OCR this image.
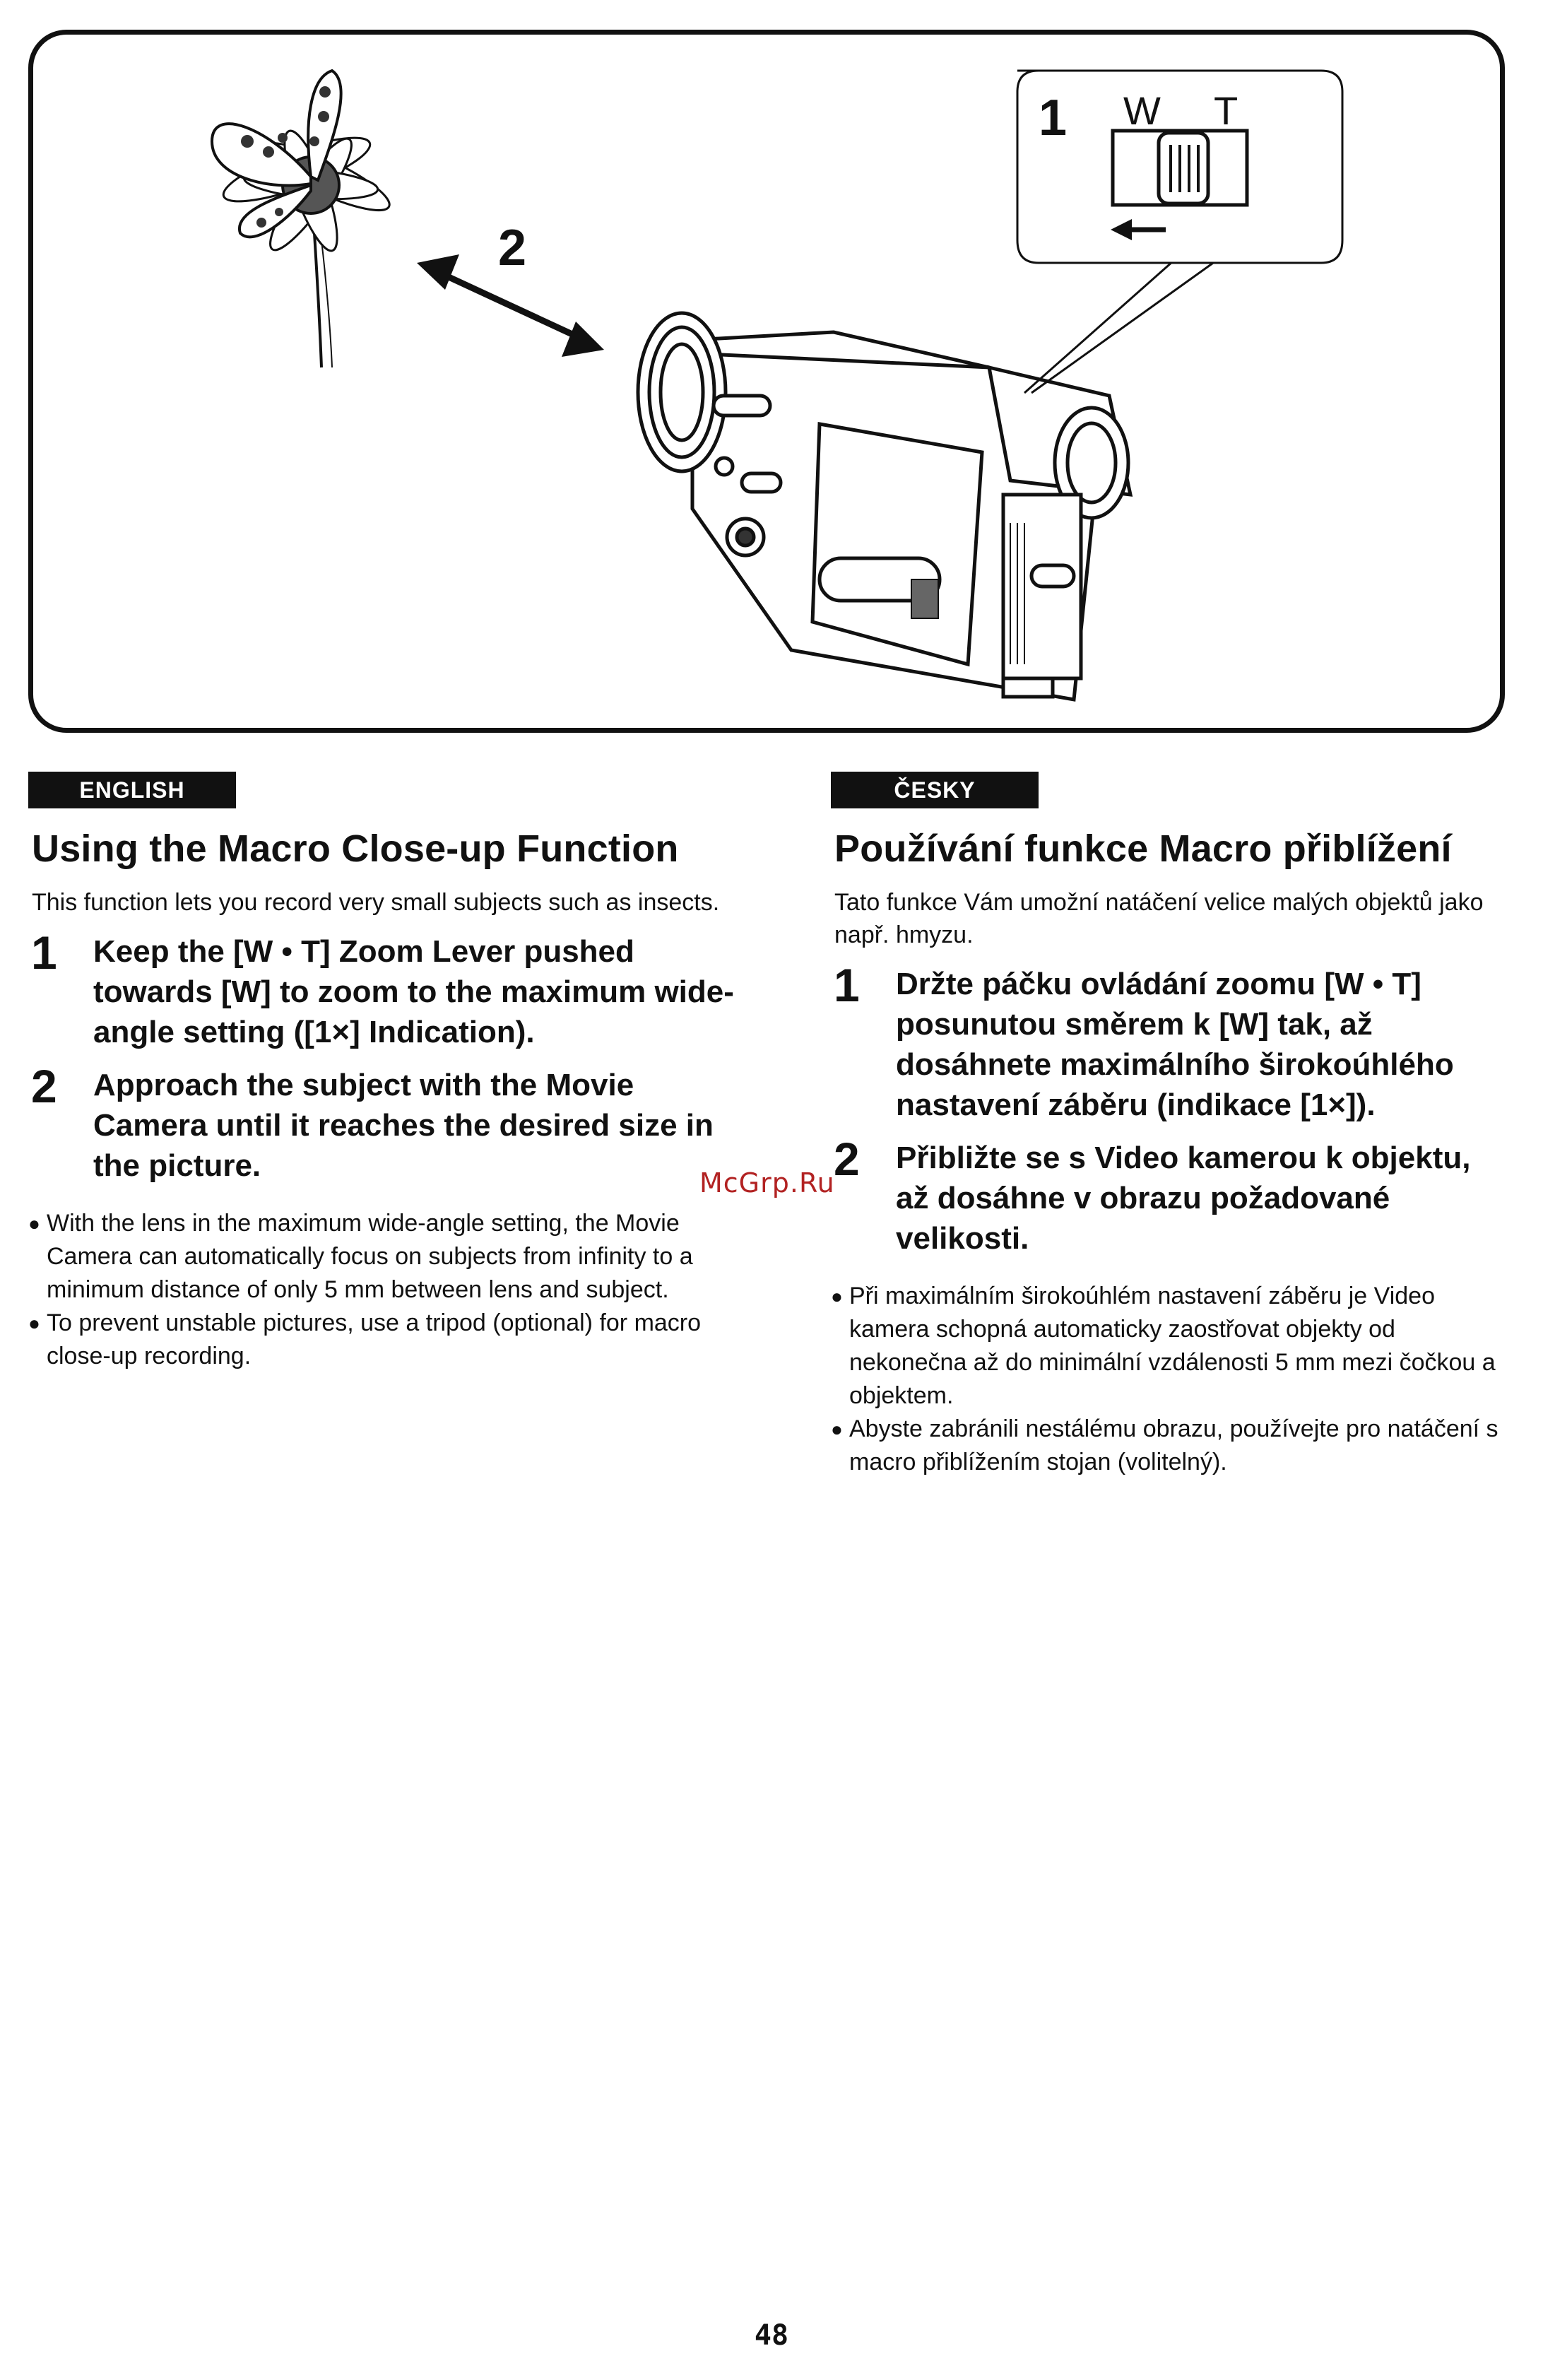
1 W T
2
ENGLISH
Using the Macro Close-up Function
This function lets you record very small subjects such as insects.
1	Keep the [W • T] Zoom Lever pushed towards [W] to zoom to the maximum wide-angle setting ([1×] Indication).
2	Approach the subject with the Movie Camera until it reaches the desired size in the picture.
● With the lens in the maximum wide-angle setting, the Movie Camera can automatically focus on subjects from infinity to a minimum distance of only 5 mm between lens and subject.
● To prevent unstable pictures, use a tripod (optional) for macro close-up recording.
ČESKY
Používání funkce Macro přiblížení
Tato funkce Vám umožní natáčení velice malých objektů jako např. hmyzu.
1	Držte páčku ovládání zoomu [W • T] posunutou směrem k [W] tak, až dosáhnete maximálního širokoúhlého nastavení záběru (indikace [1×]).
2	Přibližte se s Video kamerou k objektu, až dosáhne v obrazu požadované velikosti.
● Při maximálním širokoúhlém nastavení záběru je Video kamera schopná automaticky zaostřovat objekty od nekonečna až do minimální vzdálenosti 5 mm mezi čočkou a objektem.
● Abyste zabránili nestálému obrazu, používejte pro natáčení s macro přiblížením stojan (volitelný).
McGrp.Ru
48
